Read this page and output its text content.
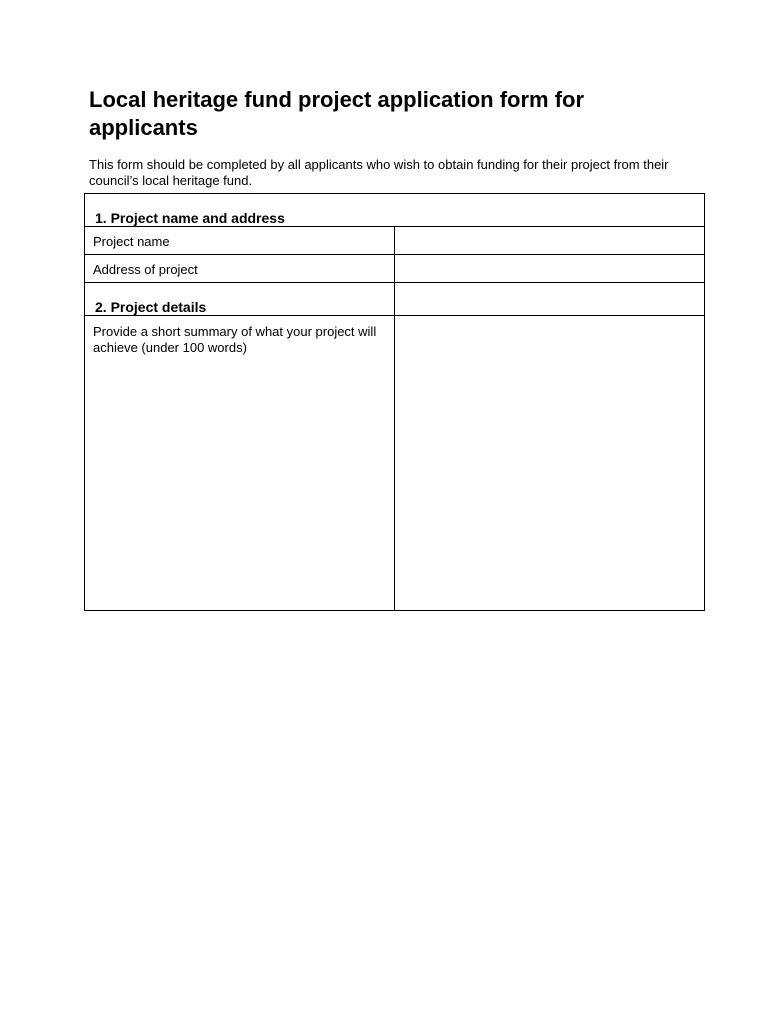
Local heritage fund project application form for applicants

This form should be completed by all applicants who wish to obtain funding for their project from their council’s local heritage fund.

1. Project name and address
Project name
Address of project
2. Project details
Provide a short summary of what your project will achieve (under 100 words)
